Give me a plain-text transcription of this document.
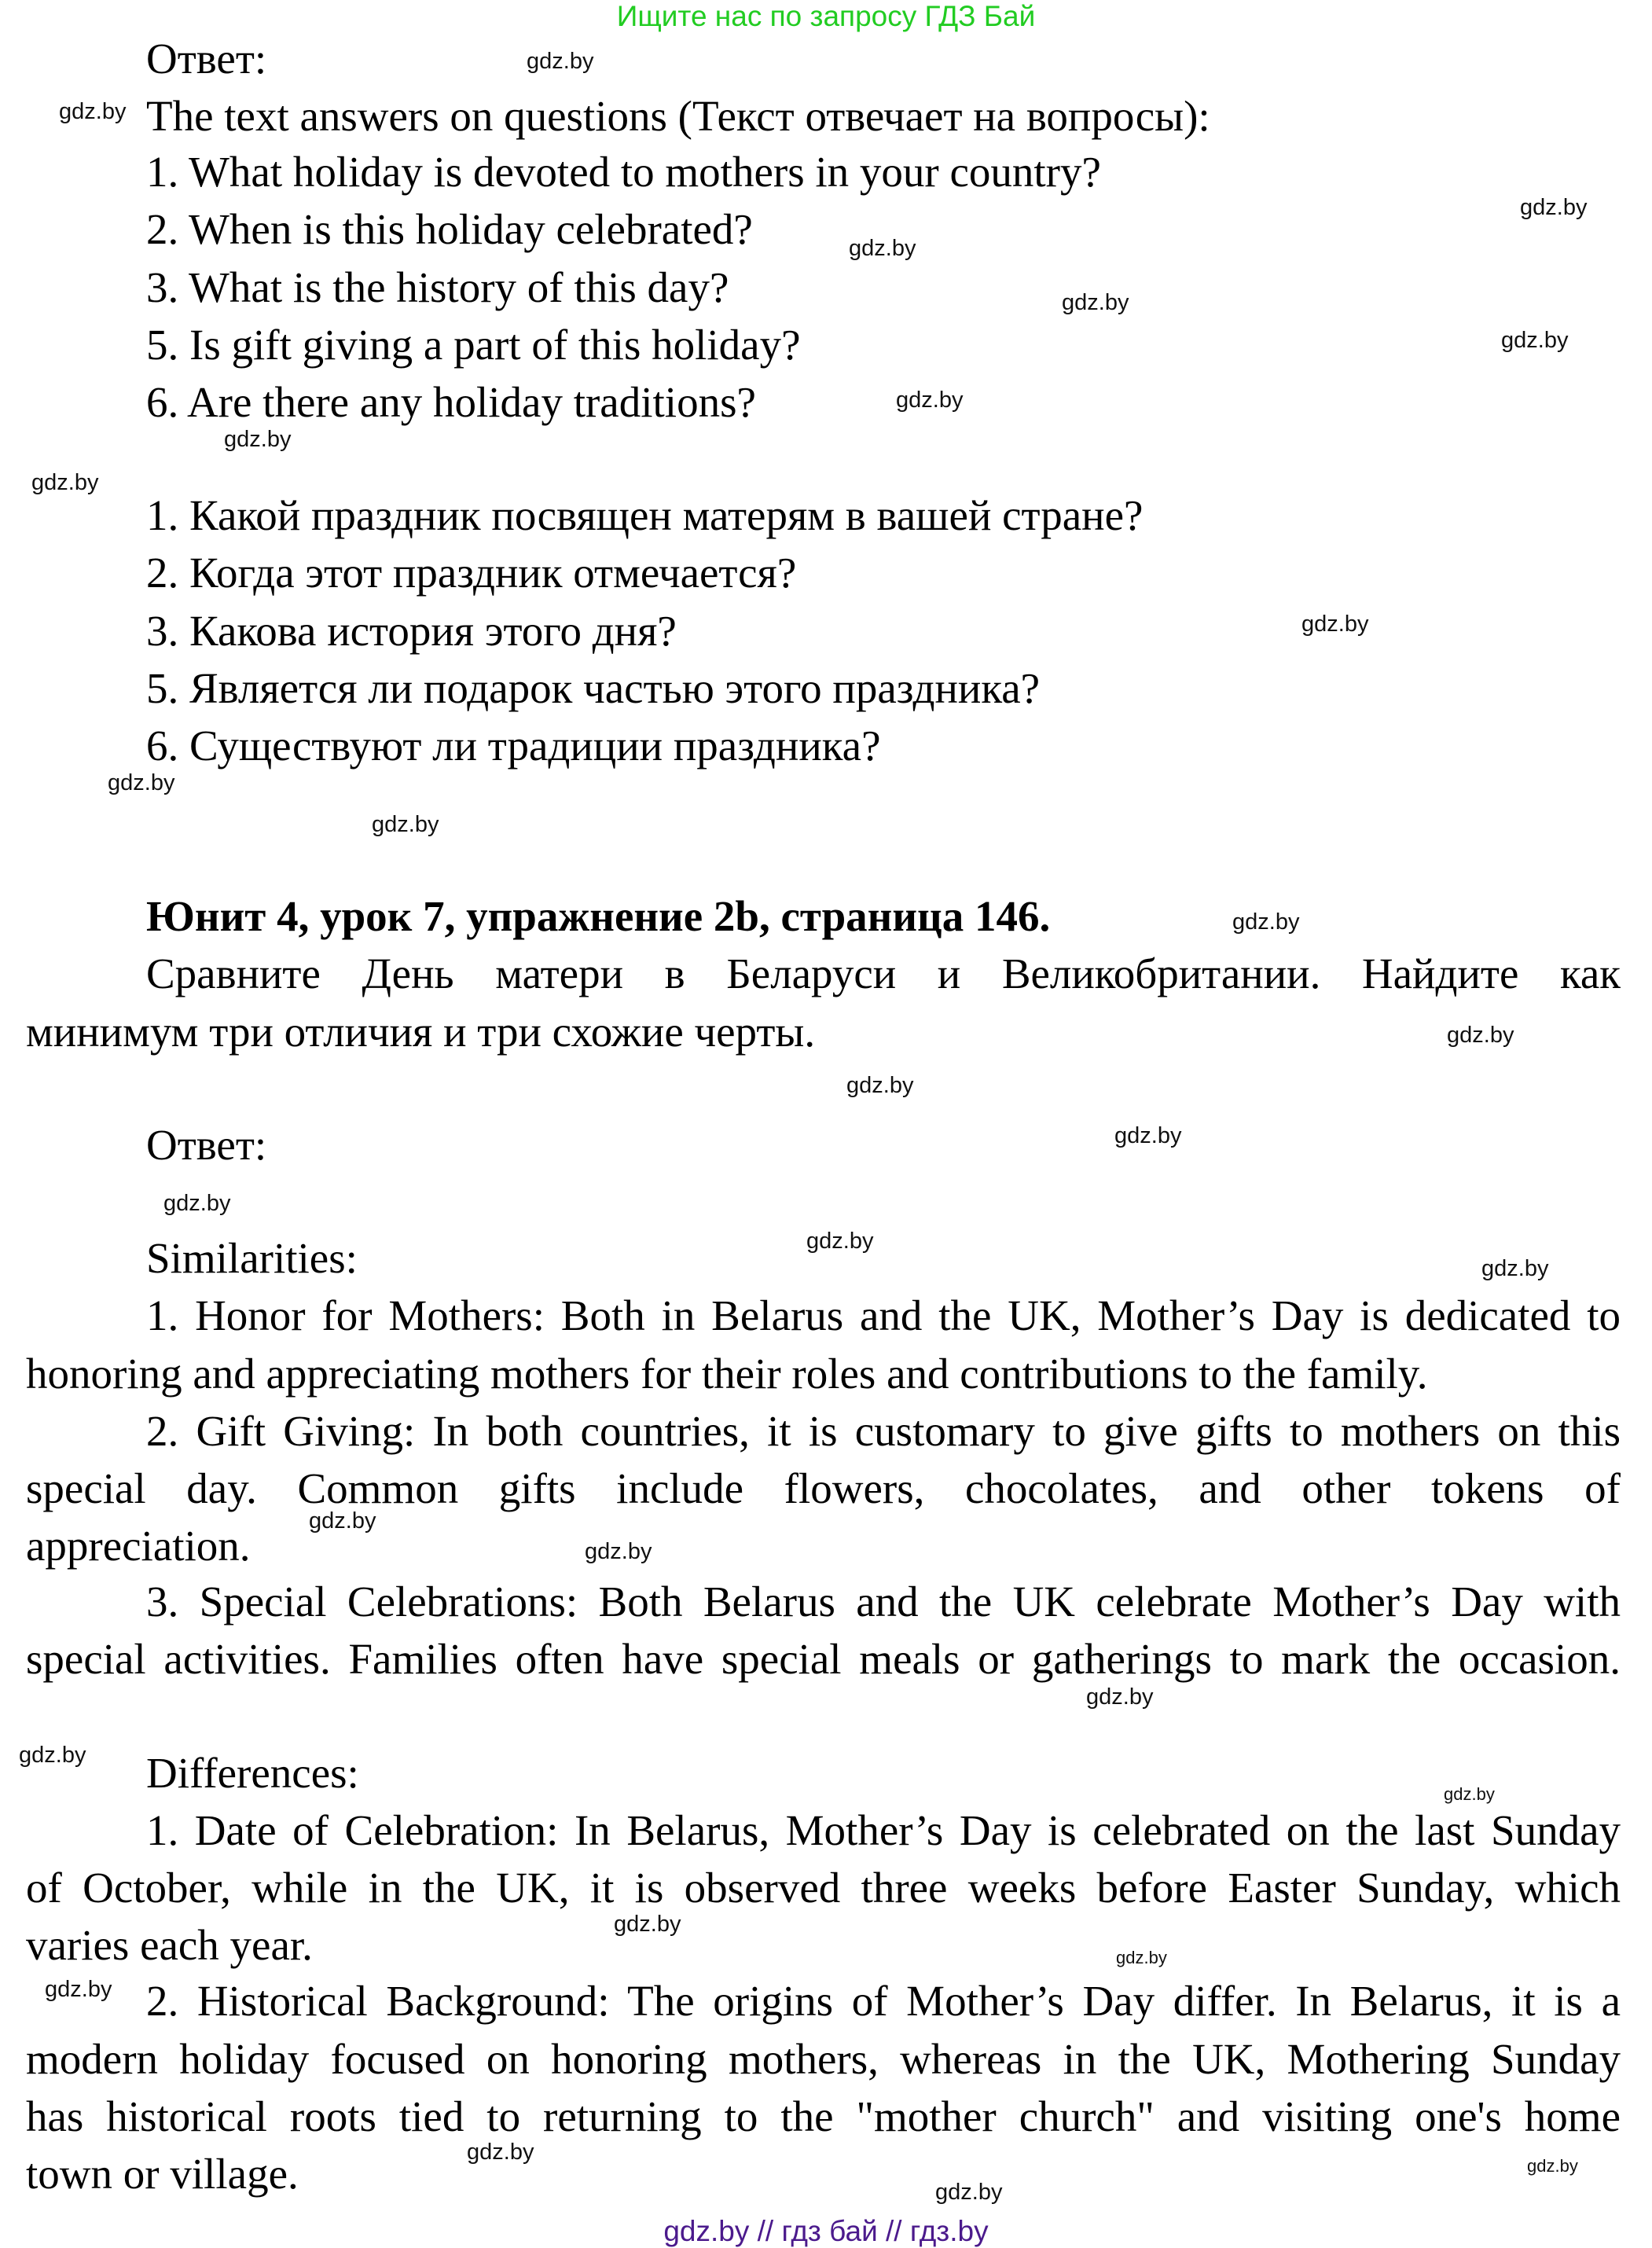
Ищите нас по запросу ГДЗ Бай
Ответ:
The text answers on questions (Текст отвечает на вопросы):
1. What holiday is devoted to mothers in your country?
2. When is this holiday celebrated?
3. What is the history of this day?
5. Is gift giving a part of this holiday?
6. Are there any holiday traditions?
1. Какой праздник посвящен матерям в вашей стране?
2. Когда этот праздник отмечается?
3. Какова история этого дня?
5. Является ли подарок частью этого праздника?
6. Существуют ли традиции праздника?
Юнит 4, урок 7, упражнение 2b, страница 146.
Сравните День матери в Беларуси и Великобритании. Найдите как
минимум три отличия и три схожие черты.
Ответ:
Similarities:
1. Honor for Mothers: Both in Belarus and the UK, Mother’s Day is dedicated to
honoring and appreciating mothers for their roles and contributions to the family.
2. Gift Giving: In both countries, it is customary to give gifts to mothers on this
special day. Common gifts include flowers, chocolates, and other tokens of
appreciation.
3. Special Celebrations: Both Belarus and the UK celebrate Mother’s Day with
special activities. Families often have special meals or gatherings to mark the occasion.
Differences:
1. Date of Celebration: In Belarus, Mother’s Day is celebrated on the last Sunday
of October, while in the UK, it is observed three weeks before Easter Sunday, which
varies each year.
2. Historical Background: The origins of Mother’s Day differ. In Belarus, it is a
modern holiday focused on honoring mothers, whereas in the UK, Mothering Sunday
has historical roots tied to returning to the "mother church" and visiting one's home
town or village.
gdz.by
gdz.by
gdz.by
gdz.by
gdz.by
gdz.by
gdz.by
gdz.by
gdz.by
gdz.by
gdz.by
gdz.by
gdz.by
gdz.by
gdz.by
gdz.by
gdz.by
gdz.by
gdz.by
gdz.by
gdz.by
gdz.by
gdz.by
gdz.by
gdz.by
gdz.by
gdz.by
gdz.by
gdz.by
gdz.by
gdz.by // гдз бай // гдз.by
